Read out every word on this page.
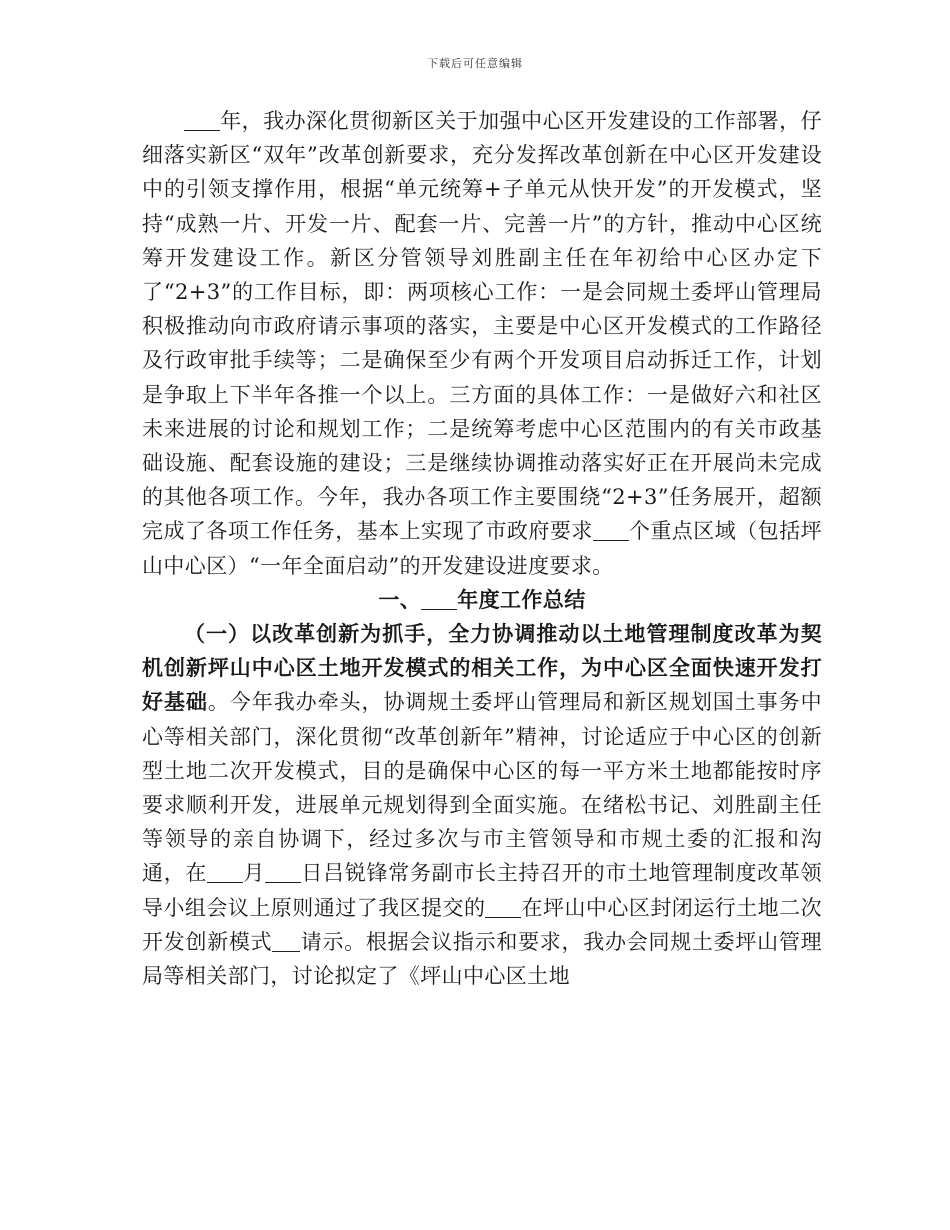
下载后可任意编辑

年，我办深化贯彻新区关于加强中心区开发建设的工作部署，仔细落实新区“双年”改革创新要求，充分发挥改革创新在中心区开发建设中的引领支撑作用，根据“单元统筹+子单元从快开发”的开发模式，坚持“成熟一片、开发一片、配套一片、完善一片”的方针，推动中心区统筹开发建设工作。新区分管领导刘胜副主任在年初给中心区办定下了“2+3”的工作目标，即：两项核心工作：一是会同规土委坪山管理局积极推动向市政府请示事项的落实，主要是中心区开发模式的工作路径及行政审批手续等；二是确保至少有两个开发项目启动拆迁工作，计划是争取上下半年各推一个以上。三方面的具体工作：一是做好六和社区未来进展的讨论和规划工作；二是统筹考虑中心区范围内的有关市政基础设施、配套设施的建设；三是继续协调推动落实好正在开展尚未完成的其他各项工作。今年，我办各项工作主要围绕“2+3”任务展开，超额完成了各项工作任务，基本上实现了市政府要求 个重点区域（包括坪山中心区）“一年全面启动”的开发建设进度要求。

一、 年度工作总结

（一）以改革创新为抓手，全力协调推动以土地管理制度改革为契机创新坪山中心区土地开发模式的相关工作，为中心区全面快速开发打好基础。今年我办牵头，协调规土委坪山管理局和新区规划国土事务中心等相关部门，深化贯彻“改革创新年”精神，讨论适应于中心区的创新型土地二次开发模式，目的是确保中心区的每一平方米土地都能按时序要求顺利开发，进展单元规划得到全面实施。在绪松书记、刘胜副主任等领导的亲自协调下，经过多次与市主管领导和市规土委的汇报和沟通，在 月 日吕锐锋常务副市长主持召开的市土地管理制度改革领导小组会议上原则通过了我区提交的 在坪山中心区封闭运行土地二次开发创新模式 请示。根据会议指示和要求，我办会同规土委坪山管理局等相关部门，讨论拟定了《坪山中心区土地
